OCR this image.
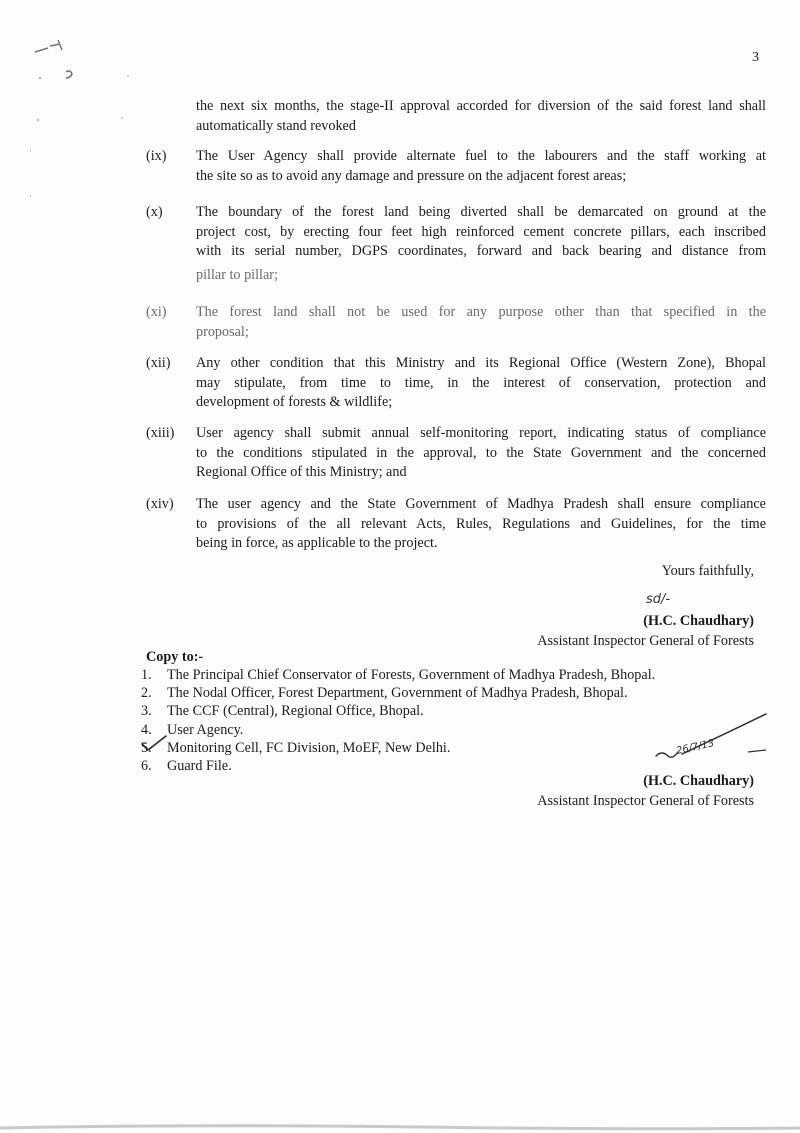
3
the next six months, the stage-II approval accorded for diversion of the said forest land shall automatically stand revoked
(ix)	The User Agency shall provide alternate fuel to the labourers and the staff working at
the site so as to avoid any damage and pressure on the adjacent forest areas;
(x)	The boundary of the forest land being diverted shall be demarcated on ground at the
project cost, by erecting four feet high reinforced cement concrete pillars, each inscribed
with its serial number, DGPS coordinates, forward and back bearing and distance from
pillar to pillar;
(xi)	The forest land shall not be used for any purpose other than that specified in the
proposal;
(xii)	Any other condition that this Ministry and its Regional Office (Western Zone), Bhopal
may stipulate, from time to time, in the interest of conservation, protection and
development of forests & wildlife;
(xiii)	User agency shall submit annual self-monitoring report, indicating status of compliance
to the conditions stipulated in the approval, to the State Government and the concerned
Regional Office of this Ministry; and
(xiv)	The user agency and the State Government of Madhya Pradesh shall ensure compliance
to provisions of the all relevant Acts, Rules, Regulations and Guidelines, for the time
being in force, as applicable to the project.
Yours faithfully,
sd/-
(H.C. Chaudhary)
Assistant Inspector General of Forests
Copy to:-
1.	The Principal Chief Conservator of Forests, Government of Madhya Pradesh, Bhopal.
2.	The Nodal Officer, Forest Department, Government of Madhya Pradesh, Bhopal.
3.	The CCF (Central), Regional Office, Bhopal.
4.	User Agency.
5.	Monitoring Cell, FC Division, MoEF, New Delhi.
6.	Guard File.
26/7/13
(H.C. Chaudhary)
Assistant Inspector General of Forests
